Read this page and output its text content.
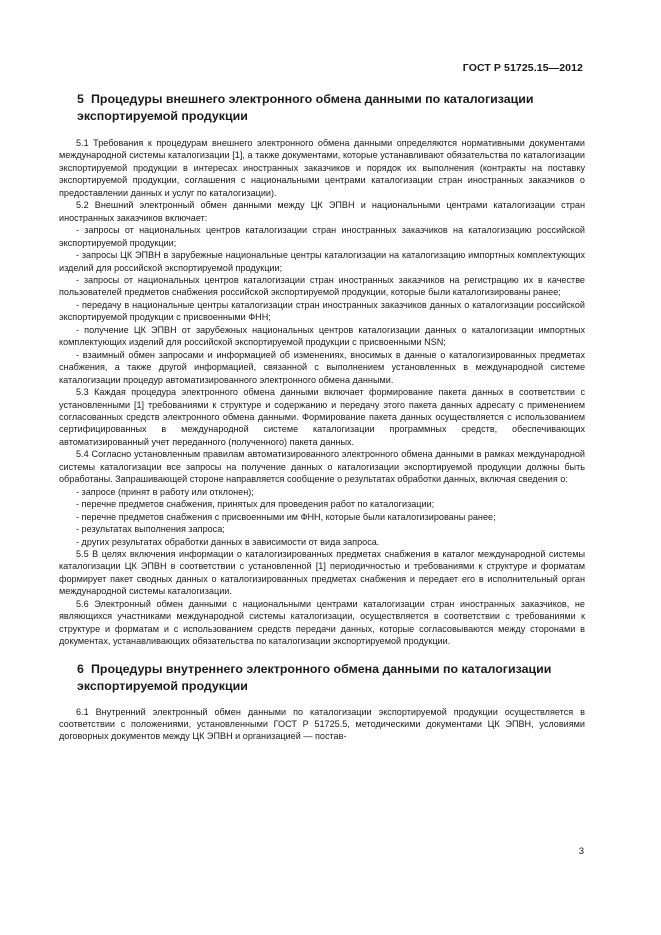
ГОСТ Р 51725.15—2012
5 Процедуры внешнего электронного обмена данными по каталогизации экспортируемой продукции

5.1 Требования к процедурам внешнего электронного обмена данными определяются нормативными документами международной системы каталогизации [1], а также документами, которые устанавливают обязательства по каталогизации экспортируемой продукции в интересах иностранных заказчиков и порядок их выполнения (контракты на поставку экспортируемой продукции, соглашения с национальными центрами каталогизации стран иностранных заказчиков о предоставлении данных и услуг по каталогизации).

5.2 Внешний электронный обмен данными между ЦК ЭПВН и национальными центрами каталогизации стран иностранных заказчиков включает:

- запросы от национальных центров каталогизации стран иностранных заказчиков на каталогизацию российской экспортируемой продукции;

- запросы ЦК ЭПВН в зарубежные национальные центры каталогизации на каталогизацию импортных комплектующих изделий для российской экспортируемой продукции;

- запросы от национальных центров каталогизации стран иностранных заказчиков на регистрацию их в качестве пользователей предметов снабжения российской экспортируемой продукции, которые были каталогизированы ранее;

- передачу в национальные центры каталогизации стран иностранных заказчиков данных о каталогизации российской экспортируемой продукции с присвоенными ФНН;

- получение ЦК ЭПВН от зарубежных национальных центров каталогизации данных о каталогизации импортных комплектующих изделий для российской экспортируемой продукции с присвоенными NSN;

- взаимный обмен запросами и информацией об изменениях, вносимых в данные о каталогизированных предметах снабжения, а также другой информацией, связанной с выполнением установленных в международной системе каталогизации процедур автоматизированного электронного обмена данными.

5.3 Каждая процедура электронного обмена данными включает формирование пакета данных в соответствии с установленными [1] требованиями к структуре и содержанию и передачу этого пакета данных адресату с применением согласованных средств электронного обмена данными. Формирование пакета данных осуществляется с использованием сертифицированных в международной системе каталогизации программных средств, обеспечивающих автоматизированный учет переданного (полученного) пакета данных.

5.4 Согласно установленным правилам автоматизированного электронного обмена данными в рамках международной системы каталогизации все запросы на получение данных о каталогизации экспортируемой продукции должны быть обработаны. Запрашивающей стороне направляется сообщение о результатах обработки данных, включая сведения о:

- запросе (принят в работу или отклонен);

- перечне предметов снабжения, принятых для проведения работ по каталогизации;

- перечне предметов снабжения с присвоенными им ФНН, которые были каталогизированы ранее;

- результатах выполнения запроса;

- других результатах обработки данных в зависимости от вида запроса.

5.5 В целях включения информации о каталогизированных предметах снабжения в каталог международной системы каталогизации ЦК ЭПВН в соответствии с установленной [1] периодичностью и требованиями к структуре и форматам формирует пакет сводных данных о каталогизированных предметах снабжения и передает его в исполнительный орган международной системы каталогизации.

5.6 Электронный обмен данными с национальными центрами каталогизации стран иностранных заказчиков, не являющихся участниками международной системы каталогизации, осуществляется в соответствии с требованиями к структуре и форматам и с использованием средств передачи данных, которые согласовываются между сторонами в документах, устанавливающих обязательства по каталогизации экспортируемой продукции.

6 Процедуры внутреннего электронного обмена данными по каталогизации экспортируемой продукции

6.1 Внутренний электронный обмен данными по каталогизации экспортируемой продукции осуществляется в соответствии с положениями, установленными ГОСТ Р 51725.5, методическими документами ЦК ЭПВН, условиями договорных документов между ЦК ЭПВН и организацией — постав-

3
